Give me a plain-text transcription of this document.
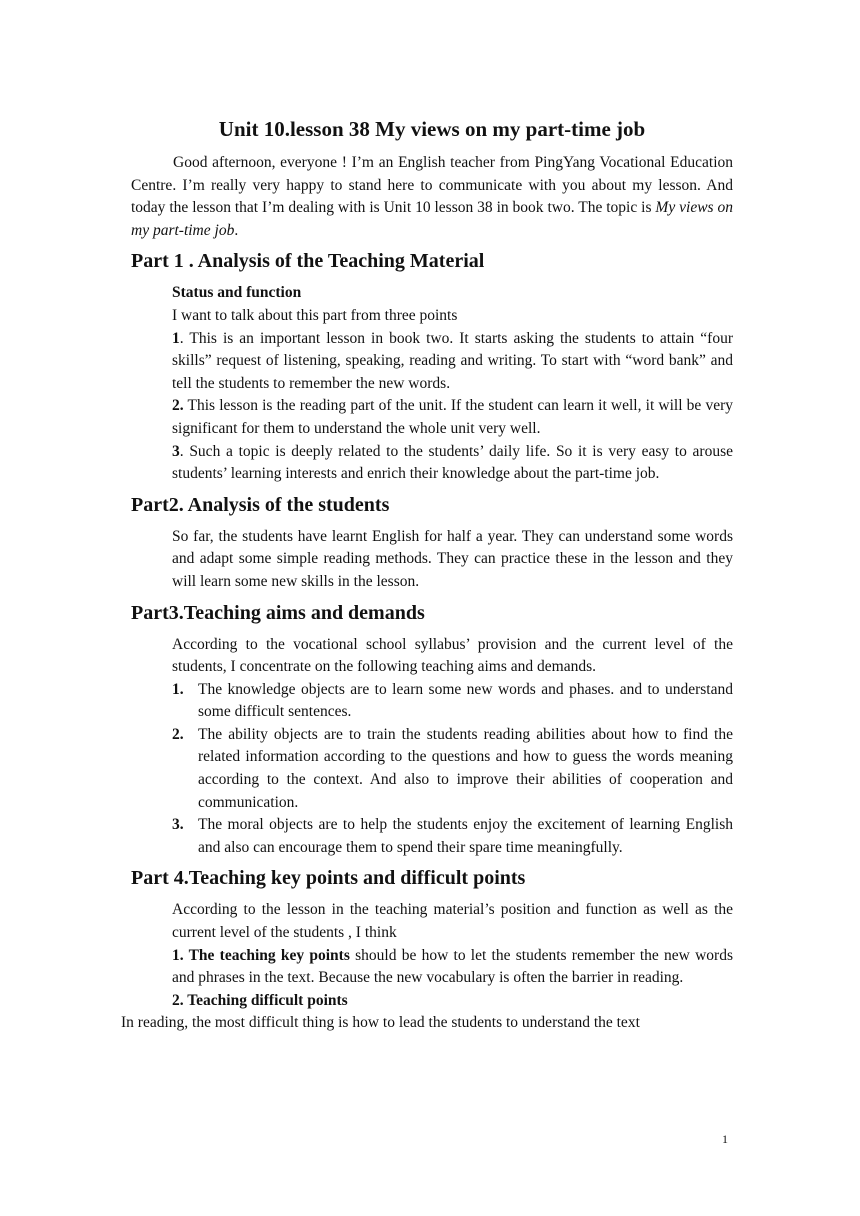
Unit 10.lesson 38 My views on my part-time job

Good afternoon, everyone ! I’m an English teacher from PingYang Vocational Education Centre. I’m really very happy to stand here to communicate with you about my lesson. And today the lesson that I’m dealing with is Unit 10 lesson 38 in book two. The topic is My views on my part-time job.

Part 1 . Analysis of the Teaching Material

Status and function

I want to talk about this part from three points

1. This is an important lesson in book two. It starts asking the students to attain “four skills” request of listening, speaking, reading and writing. To start with “word bank” and tell the students to remember the new words.

2. This lesson is the reading part of the unit. If the student can learn it well, it will be very significant for them to understand the whole unit very well.

3. Such a topic is deeply related to the students’ daily life. So it is very easy to arouse students’ learning interests and enrich their knowledge about the part-time job.

Part2. Analysis of the students

So far, the students have learnt English for half a year. They can understand some words and adapt some simple reading methods. They can practice these in the lesson and they will learn some new skills in the lesson.

Part3.Teaching aims and demands

According to the vocational school syllabus’ provision and the current level of the students, I concentrate on the following teaching aims and demands.

1. The knowledge objects are to learn some new words and phases. and to understand some difficult sentences.
2. The ability objects are to train the students reading abilities about how to find the related information according to the questions and how to guess the words meaning according to the context. And also to improve their abilities of cooperation and communication.
3. The moral objects are to help the students enjoy the excitement of learning English and also can encourage them to spend their spare time meaningfully.
Part 4.Teaching key points and difficult points

According to the lesson in the teaching material’s position and function as well as the current level of the students , I think

1. The teaching key points should be how to let the students remember the new words and phrases in the text. Because the new vocabulary is often the barrier in reading.

2. Teaching difficult points

In reading, the most difficult thing is how to lead the students to understand the text

1
